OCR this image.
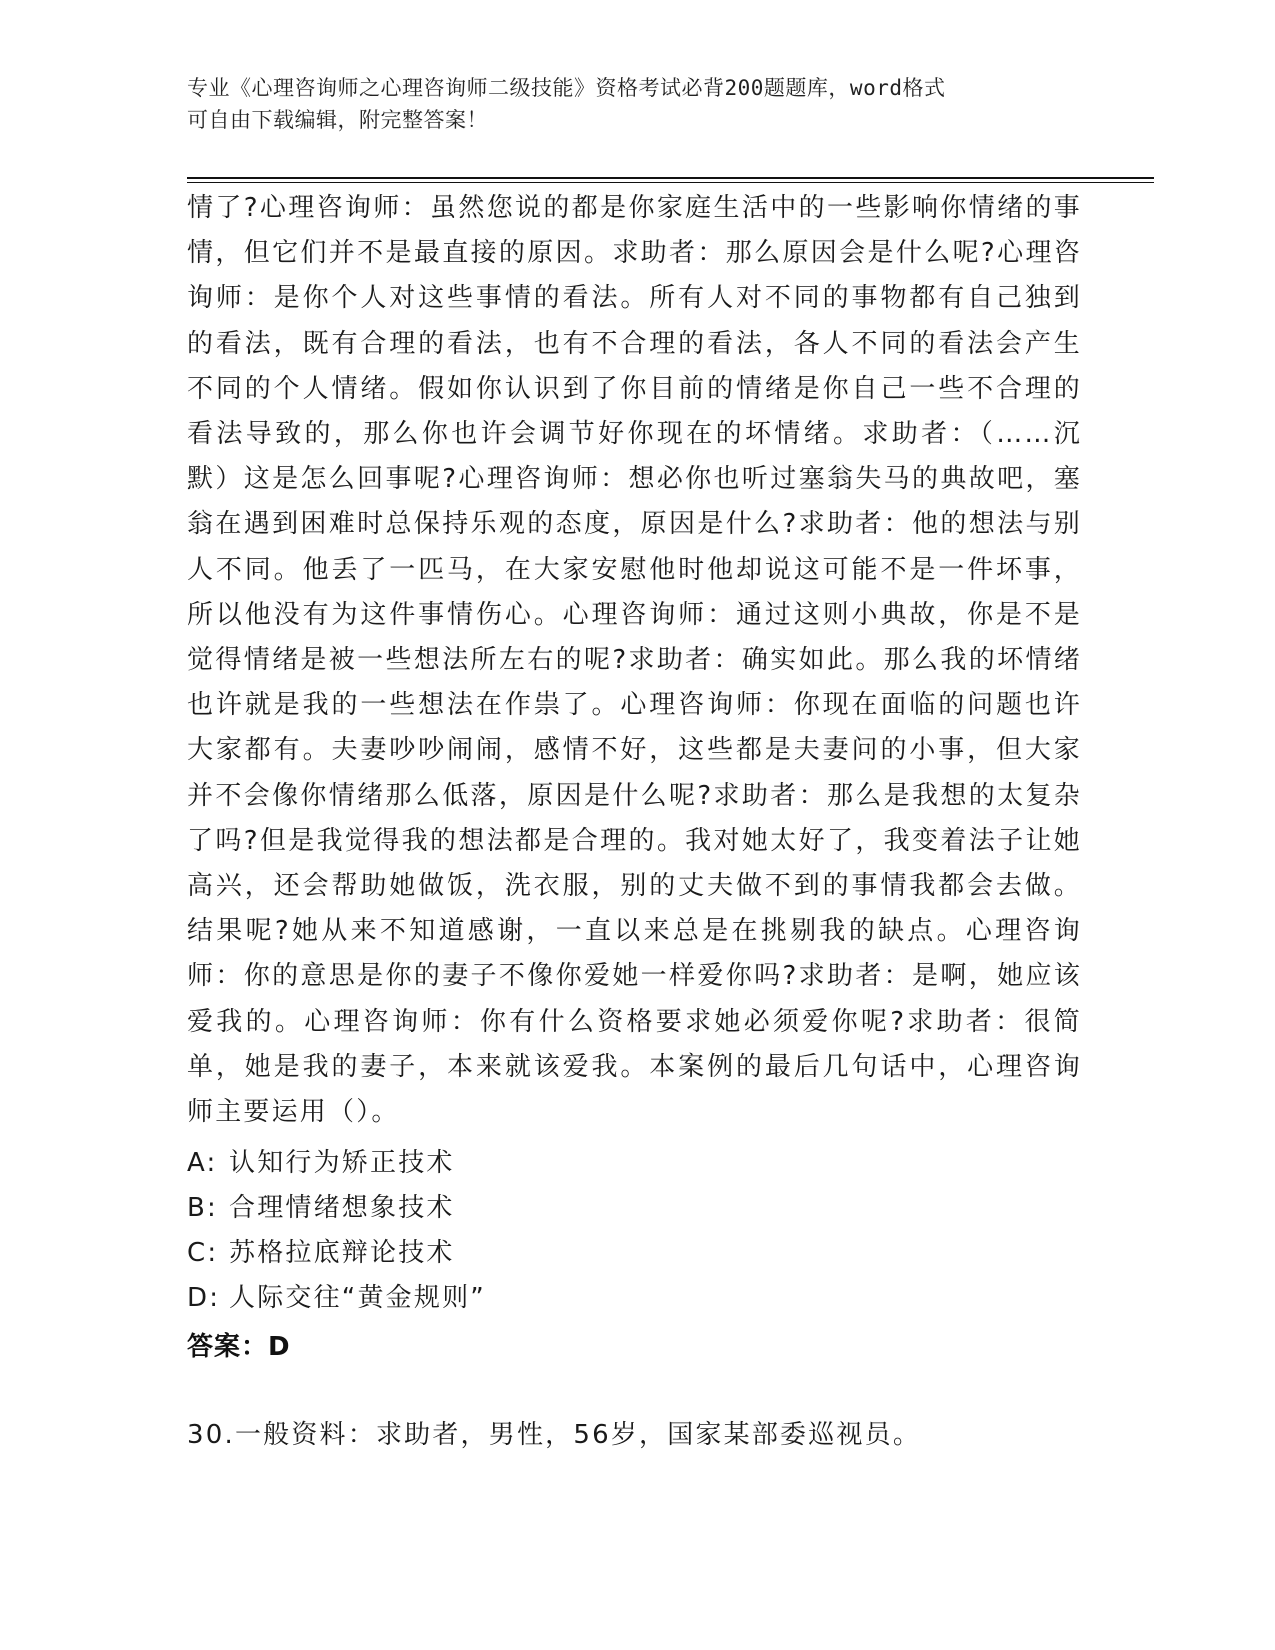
专业《心理咨询师之心理咨询师二级技能》资格考试必背200题题库，word格式
可自由下载编辑，附完整答案！
情了?心理咨询师：虽然您说的都是你家庭生活中的一些影响你情绪的事情，但它们并不是最直接的原因。求助者：那么原因会是什么呢?心理咨询师：是你个人对这些事情的看法。所有人对不同的事物都有自己独到的看法，既有合理的看法，也有不合理的看法，各人不同的看法会产生不同的个人情绪。假如你认识到了你目前的情绪是你自己一些不合理的看法导致的，那么你也许会调节好你现在的坏情绪。求助者：（……沉默）这是怎么回事呢?心理咨询师：想必你也听过塞翁失马的典故吧，塞翁在遇到困难时总保持乐观的态度，原因是什么?求助者：他的想法与别人不同。他丢了一匹马，在大家安慰他时他却说这可能不是一件坏事，所以他没有为这件事情伤心。心理咨询师：通过这则小典故，你是不是觉得情绪是被一些想法所左右的呢?求助者：确实如此。那么我的坏情绪也许就是我的一些想法在作祟了。心理咨询师：你现在面临的问题也许大家都有。夫妻吵吵闹闹，感情不好，这些都是夫妻问的小事，但大家并不会像你情绪那么低落，原因是什么呢?求助者：那么是我想的太复杂了吗?但是我觉得我的想法都是合理的。我对她太好了，我变着法子让她高兴，还会帮助她做饭，洗衣服，别的丈夫做不到的事情我都会去做。结果呢?她从来不知道感谢，一直以来总是在挑剔我的缺点。心理咨询师：你的意思是你的妻子不像你爱她一样爱你吗?求助者：是啊，她应该爱我的。心理咨询师：你有什么资格要求她必须爱你呢?求助者：很简单，她是我的妻子，本来就该爱我。本案例的最后几句话中，心理咨询师主要运用（）。
A: 认知行为矫正技术
B: 合理情绪想象技术
C: 苏格拉底辩论技术
D: 人际交往“黄金规则”
答案：D
30.一般资料：求助者，男性，56岁，国家某部委巡视员。
